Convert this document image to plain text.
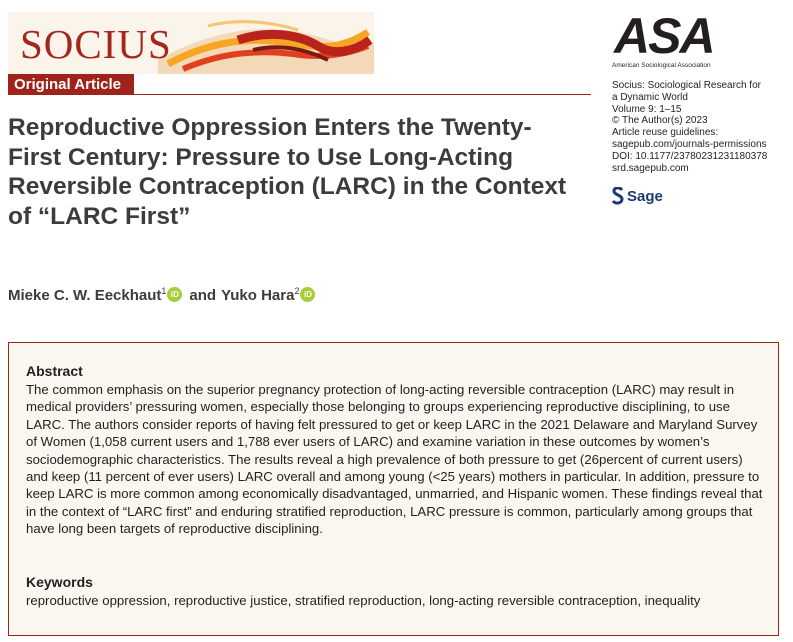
SOCIUS
Original Article
Reproductive Oppression Enters the Twenty-First Century: Pressure to Use Long-Acting Reversible Contraception (LARC) in the Context of “LARC First”
ASA
American Sociological Association
Socius: Sociological Research for
a Dynamic World
Volume 9: 1–15
© The Author(s) 2023
Article reuse guidelines:
sagepub.com/journals-permissions
DOI: 10.1177/23780231231180378
srd.sagepub.com
Sage
Mieke C. W. Eeckhaut$^1$ iD and Yuko Hara$^2$ iD
Abstract

The common emphasis on the superior pregnancy protection of long-acting reversible contraception (LARC) may result in medical providers’ pressuring women, especially those belonging to groups experiencing reproductive disciplining, to use LARC. The authors consider reports of having felt pressured to get or keep LARC in the 2021 Delaware and Maryland Survey of Women (1,058 current users and 1,788 ever users of LARC) and examine variation in these outcomes by women’s sociodemographic characteristics. The results reveal a high prevalence of both pressure to get (26percent of current users) and keep (11 percent of ever users) LARC overall and among young (<25 years) mothers in particular. In addition, pressure to keep LARC is more common among economically disadvantaged, unmarried, and Hispanic women. These findings reveal that in the context of “LARC first” and enduring stratified reproduction, LARC pressure is common, particularly among groups that have long been targets of reproductive disciplining.

Keywords
reproductive oppression, reproductive justice, stratified reproduction, long-acting reversible contraception, inequality
